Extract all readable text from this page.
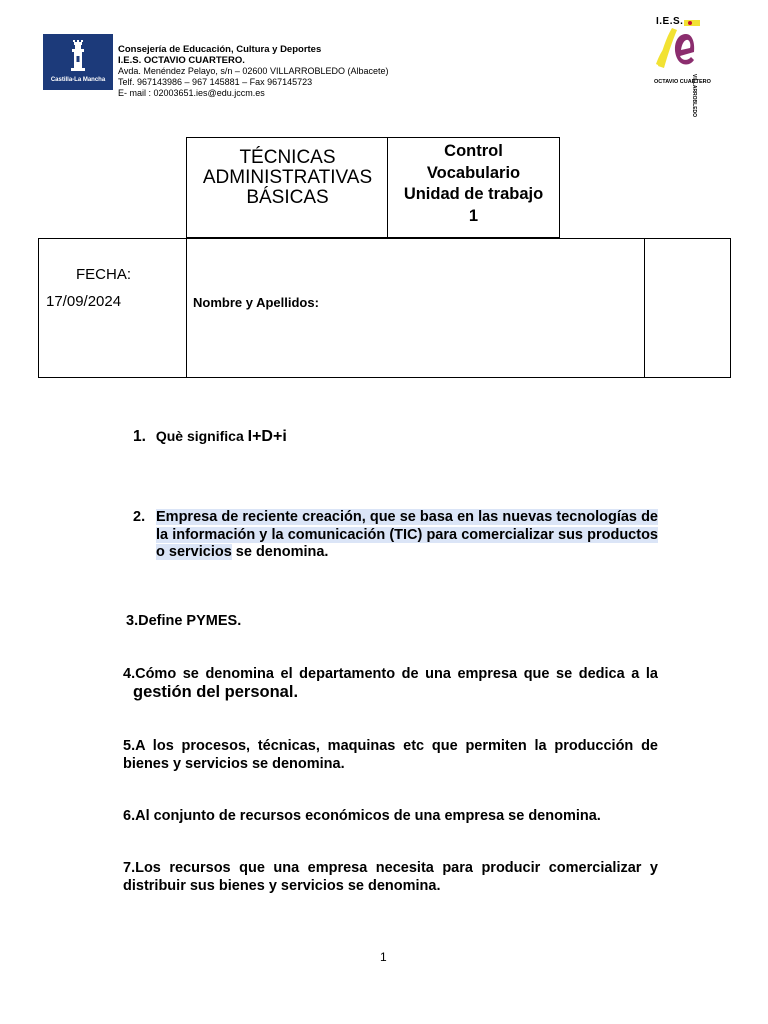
Castilla-La Mancha
Consejería de Educación, Cultura y Deportes
I.E.S. OCTAVIO CUARTERO.
Avda. Menéndez Pelayo, s/n – 02600 VILLARROBLEDO (Albacete)
Telf. 967143986 – 967 145881 – Fax 967145723
E- mail : 02003651.ies@edu.jccm.es
I.E.S.
VILLARROBLEDO
OCTAVIO CUARTERO
TÉCNICAS
ADMINISTRATIVAS
BÁSICAS
Control
Vocabulario
Unidad de trabajo
1
FECHA:
17/09/2024	Nombre y Apellidos:
1. Què significa I+D+i
2. Empresa de reciente creación, que se basa en las nuevas tecnologías de la información y la comunicación (TIC) para comercializar sus productos o servicios se denomina.
3.Define PYMES.
4.Cómo se denomina el departamento de una empresa que se dedica a la gestión del personal.
5.A los procesos, técnicas, maquinas etc que permiten la producción de bienes y servicios se denomina.
6.Al conjunto de recursos económicos de una empresa se denomina.
7.Los recursos que una empresa necesita para producir comercializar y distribuir sus bienes y servicios se denomina.
1
